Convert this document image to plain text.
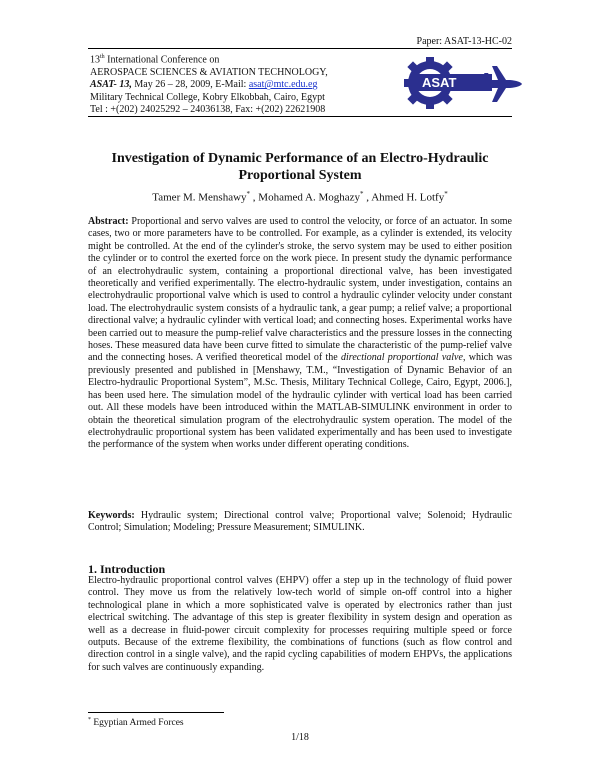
Paper: ASAT-13-HC-02
13th International Conference on
AEROSPACE SCIENCES & AVIATION TECHNOLOGY,
ASAT- 13, May 26 – 28, 2009, E-Mail: asat@mtc.edu.eg
Military Technical College, Kobry Elkobbah, Cairo, Egypt
Tel : +(202) 24025292 – 24036138, Fax: +(202) 22621908
ASAT
Investigation of Dynamic Performance of an Electro-Hydraulic Proportional System
Tamer M. Menshawy* , Mohamed A. Moghazy* , Ahmed H. Lotfy*
Abstract: Proportional and servo valves are used to control the velocity, or force of an actuator. In some cases, two or more parameters have to be controlled. For example, as a cylinder is extended, its velocity might be controlled. At the end of the cylinder's stroke, the servo system may be used to either position the cylinder or to control the exerted force on the work piece. In present study the dynamic performance of an electrohydraulic system, containing a proportional directional valve, has been investigated theoretically and verified experimentally. The electro-hydraulic system, under investigation, contains an electrohydraulic proportional valve which is used to control a hydraulic cylinder velocity under constant load. The electrohydraulic system consists of a hydraulic tank, a gear pump; a relief valve; a proportional directional valve; a hydraulic cylinder with vertical load; and connecting hoses. Experimental works have been carried out to measure the pump-relief valve characteristics and the pressure losses in the connecting hoses. These measured data have been curve fitted to simulate the characteristic of the pump-relief valve and the connecting hoses. A verified theoretical model of the directional proportional valve, which was previously presented and published in [Menshawy, T.M., “Investigation of Dynamic Behavior of an Electro-hydraulic Proportional System”, M.Sc. Thesis, Military Technical College, Cairo, Egypt, 2006.], has been used here. The simulation model of the hydraulic cylinder with vertical load has been carried out. All these models have been introduced within the MATLAB-SIMULINK environment in order to obtain the theoretical simulation program of the electrohydraulic system operation. The model of the electrohydraulic proportional system has been validated experimentally and has been used to investigate the performance of the system when works under different operating conditions.
Keywords: Hydraulic system; Directional control valve; Proportional valve; Solenoid; Hydraulic Control; Simulation; Modeling; Pressure Measurement; SIMULINK.
1. Introduction
Electro-hydraulic proportional control valves (EHPV) offer a step up in the technology of fluid power control. They move us from the relatively low-tech world of simple on-off control into a higher technological plane in which a more sophisticated valve is operated by electronics rather than just electrical switching. The advantage of this step is greater flexibility in system design and operation as well as a decrease in fluid-power circuit complexity for processes requiring multiple speed or force outputs. Because of the extreme flexibility, the combinations of functions (such as flow control and direction control in a single valve), and the rapid cycling capabilities of modern EHPVs, the applications for such valves are continuously expanding.
* Egyptian Armed Forces
1/18
